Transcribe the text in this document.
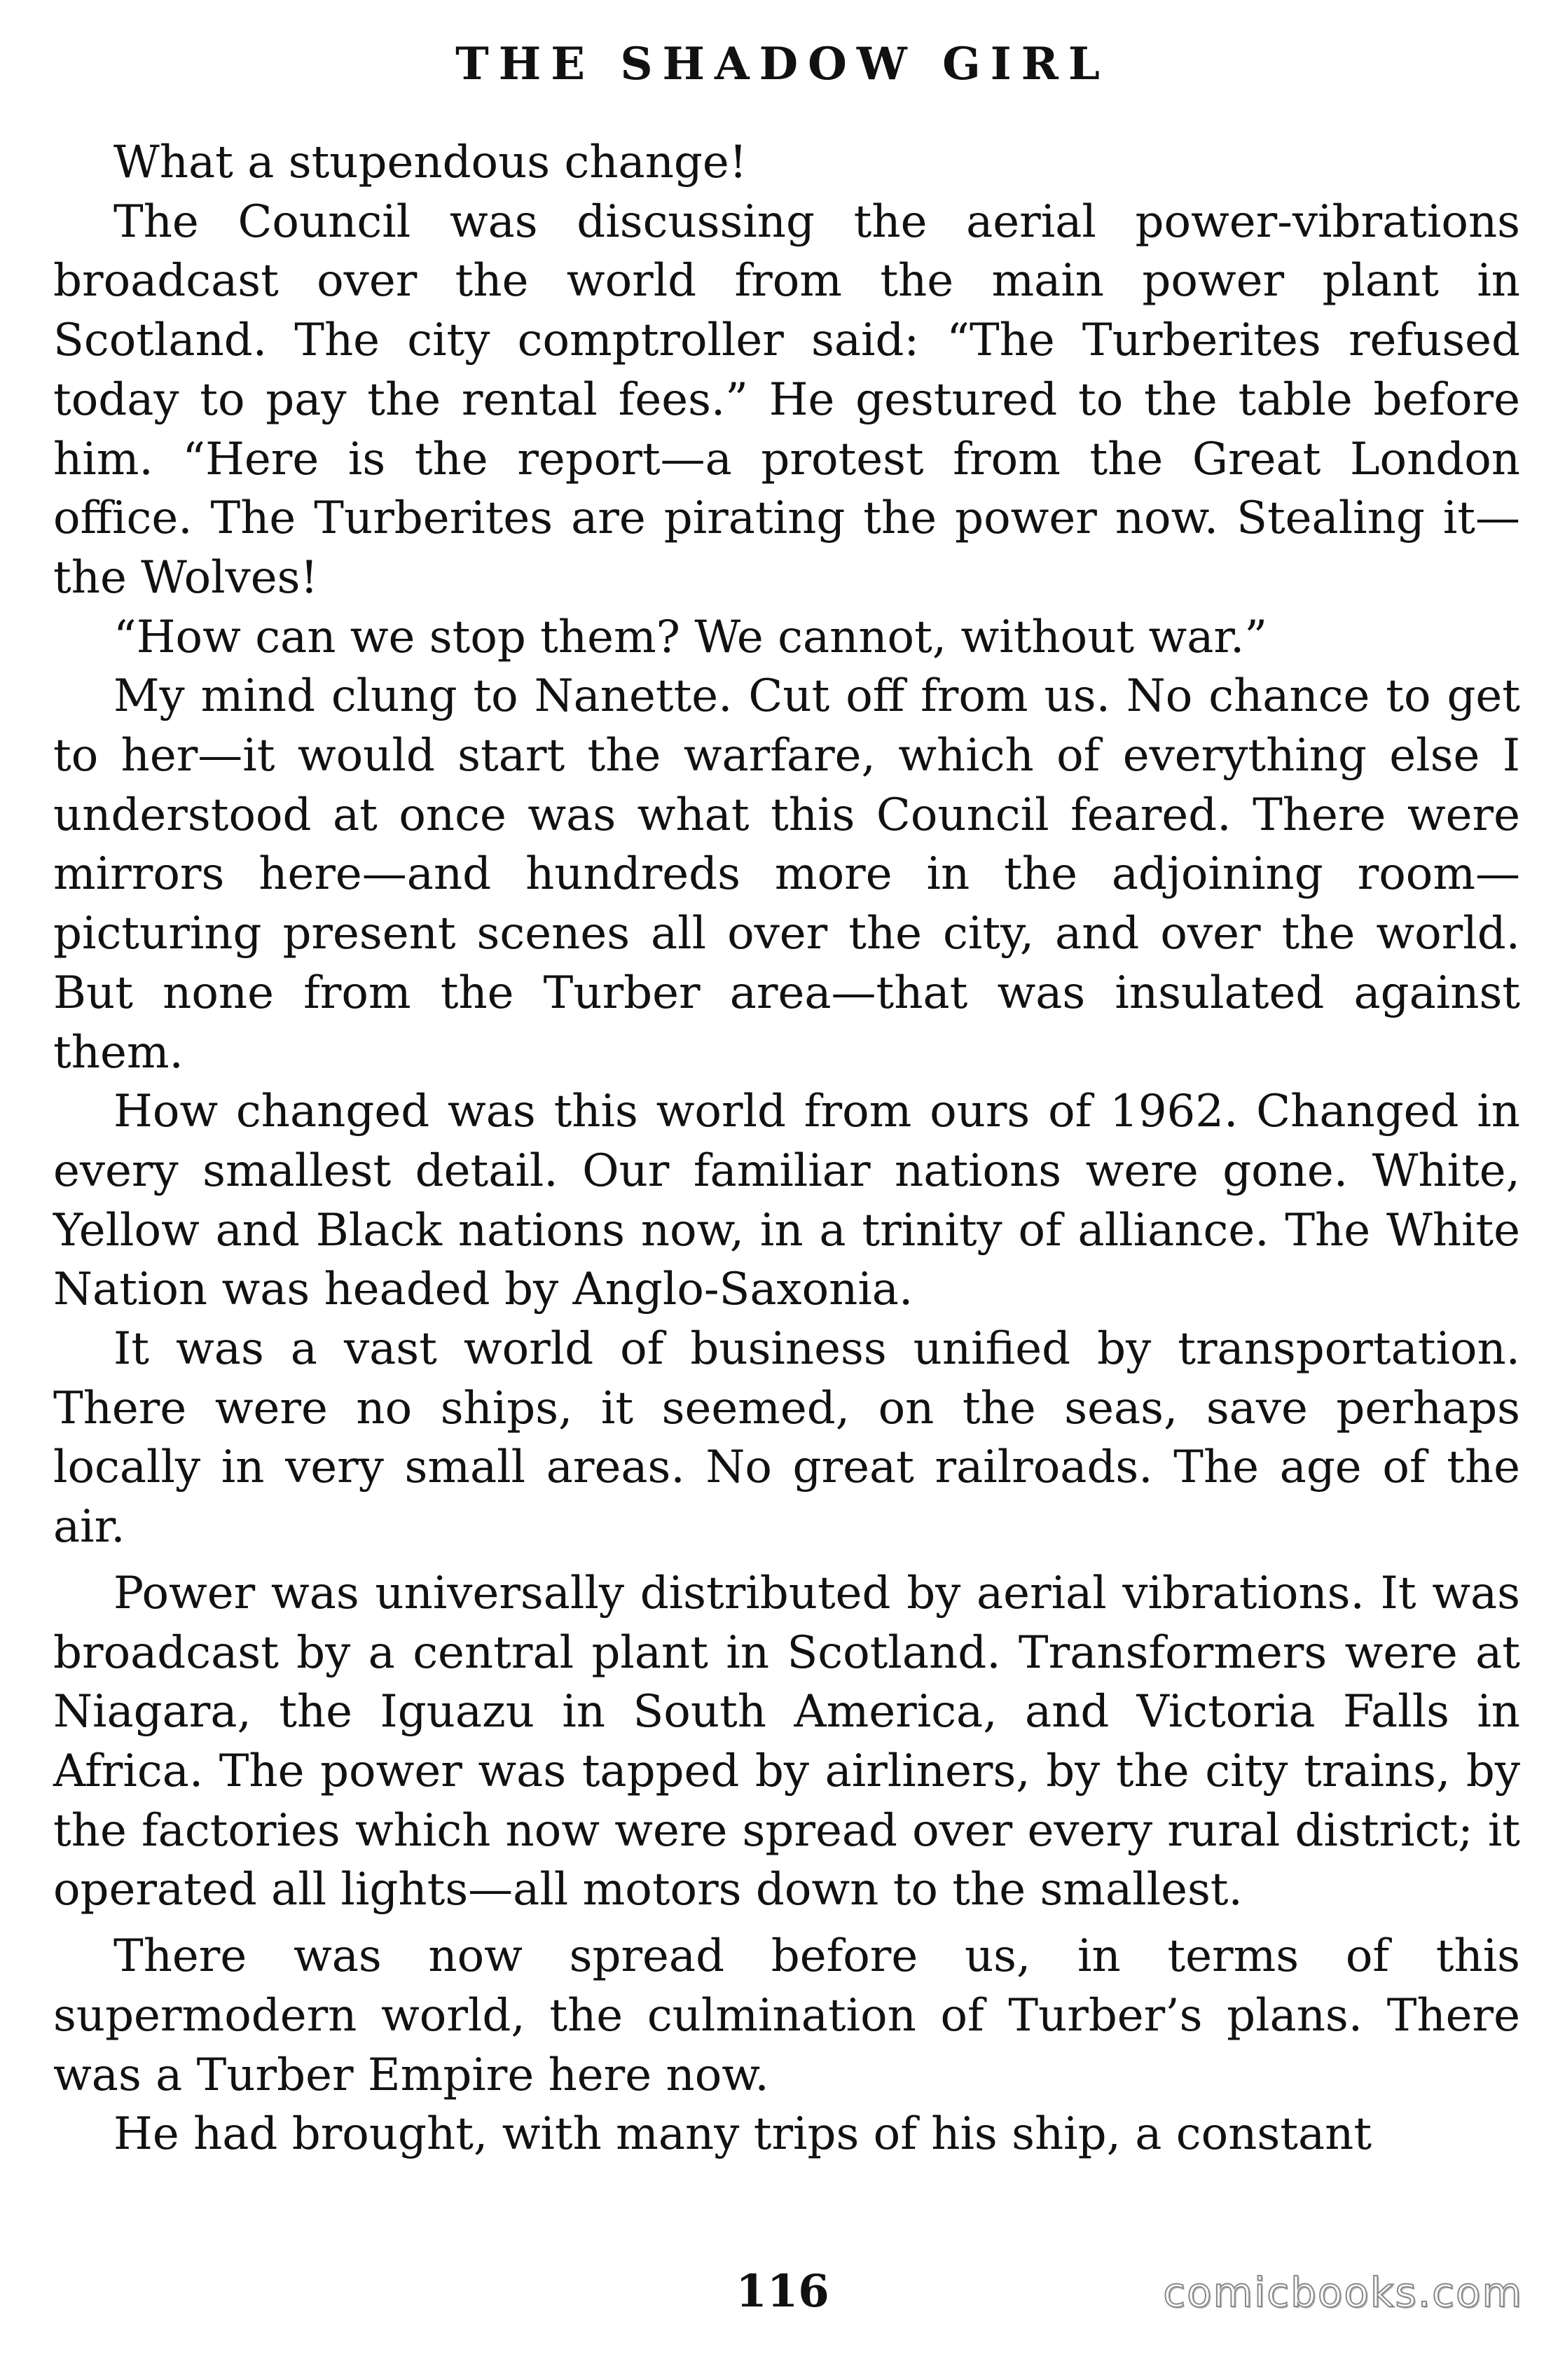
THE SHADOW GIRL

What a stupendous change!

The Council was discussing the aerial power-vibrations broadcast over the world from the main power plant in Scotland. The city comptroller said: “The Turberites refused today to pay the rental fees.” He gestured to the table before him. “Here is the report—a protest from the Great London office. The Turberites are pirating the power now. Stealing it—the Wolves!

“How can we stop them? We cannot, without war.”

My mind clung to Nanette. Cut off from us. No chance to get to her—it would start the warfare, which of everything else I understood at once was what this Council feared. There were mirrors here—and hundreds more in the adjoining room—picturing present scenes all over the city, and over the world. But none from the Turber area—that was insulated against them.

How changed was this world from ours of 1962. Changed in every smallest detail. Our familiar nations were gone. White, Yellow and Black nations now, in a trinity of alliance. The White Nation was headed by Anglo-Saxonia.

It was a vast world of business unified by transportation. There were no ships, it seemed, on the seas, save perhaps locally in very small areas. No great railroads. The age of the air.

Power was universally distributed by aerial vibrations. It was broadcast by a central plant in Scotland. Transformers were at Niagara, the Iguazu in South America, and Victoria Falls in Africa. The power was tapped by airliners, by the city trains, by the factories which now were spread over every rural district; it operated all lights—all motors down to the smallest.

There was now spread before us, in terms of this supermodern world, the culmination of Turber’s plans. There was a Turber Empire here now.

He had brought, with many trips of his ship, a constant

116	comicbooks.com
